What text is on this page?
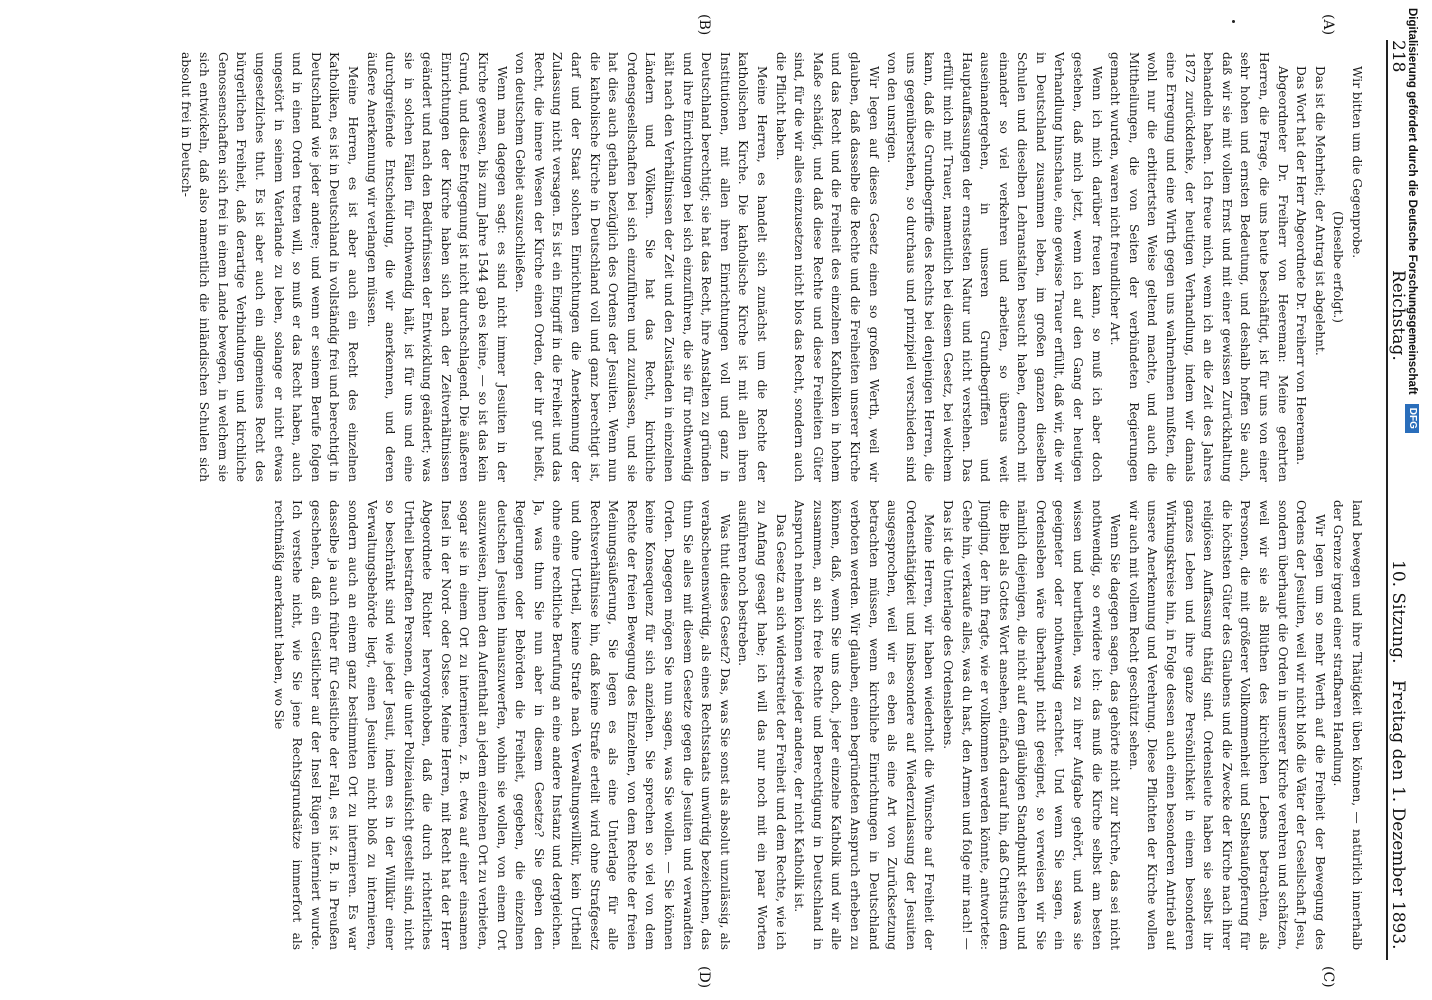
218
Reichstag.
10. Sitzung.
Freitag den 1. Dezember 1893.
(A)
(B)
(C)
(D)

Wir bitten um die Gegenprobe.

(Dieselbe erfolgt.)

Das ist die Mehrheit; der Antrag ist abgelehnt.

Das Wort hat der Herr Abgeordnete Dr. Freiherr von Heereman.

Abgeordneter Dr. Freiherr von Heereman: Meine geehrten Herren, die Frage, die uns heute beschäftigt, ist für uns von einer sehr hohen und ernsten Bedeutung, und deshalb hoffen Sie auch, daß wir sie mit vollem Ernst und mit einer gewissen Zurückhaltung behandeln haben. Ich freue mich, wenn ich an die Zeit des Jahres 1872 zurückdenke, der heutigen Verhandlung, indem wir damals eine Erregung und eine Wirth gegen uns wahrnehmen mußten, die wohl nur die erbittertsten Weise geltend machte, und auch die Mittheilungen, die von Seiten der verbündeten Regierungen gemacht wurden, waren nicht freundlicher Art.

Wenn ich mich darüber freuen kann, so muß ich aber doch gestehen, daß mich jetzt, wenn ich auf den Gang der heutigen Verhandlung hinschaue, eine gewisse Trauer erfüllt, daß wir, die wir in Deutschland zusammen leben, im großen ganzen dieselben Schulen und dieselben Lehranstalten besucht haben, dennoch mit einander so viel verkehren und arbeiten, so überaus weit auseinandergehen, in unseren Grundbegriffen und Hauptauffassungen der ernstesten Natur und nicht verstehen. Das erfüllt mich mit Trauer, namentlich bei diesem Gesetz, bei welchem kann, daß die Grundbegriffe des Rechts bei denjenigen Herren, die uns gegenüberstehen, so durchaus und prinzipiell verschieden sind von den unsrigen.

Wir legen auf dieses Gesetz einen so großen Werth, weil wir glauben, daß dasselbe die Rechte und die Freiheiten unserer Kirche und das Recht und die Freiheit des einzelnen Katholiken in hohem Maße schädigt, und daß diese Rechte und diese Freiheiten Güter sind, für die wir alles einzusetzen nicht blos das Recht, sondern auch die Pflicht haben.

Meine Herren, es handelt sich zunächst um die Rechte der katholischen Kirche. Die katholische Kirche ist mit allen ihren Institutionen, mit allen ihren Einrichtungen voll und ganz in Deutschland berechtigt; sie hat das Recht, ihre Anstalten zu gründen und ihre Einrichtungen bei sich einzuführen, die sie für nothwendig hält nach den Verhältnissen der Zeit und den Zuständen in einzelnen Ländern und Völkern. Sie hat das Recht, kirchliche Ordensgesellschaften bei sich einzuführen und zuzulassen, und sie hat dies auch gethan bezüglich des Ordens der Jesuiten. Wenn nun die katholische Kirche in Deutschland voll und ganz berechtigt ist, darf und der Staat solchen Einrichtungen die Anerkennung der Zulassung nicht versagen. Es ist ein Eingriff in die Freiheit und das Recht, die innere Wesen der Kirche einen Orden, der ihr gut heißt, von deutschem Gebiet auszuschließen.

Wenn man dagegen sagt: es sind nicht immer Jesuiten in der Kirche gewesen, bis zum Jahre 1544 gab es keine, — so ist das kein Grund, und diese Entgegnung ist nicht durchschlagend. Die äußeren Einrichtungen der Kirche haben sich nach der Zeitverhältnissen geändert und nach den Bedürfnissen der Entwicklung geändert; was sie in solchen Fällen für nothwendig hält, ist für uns und eine durchgreifende Entscheidung, die wir anerkennen, und deren äußere Anerkennung wir verlangen müssen.

Meine Herren, es ist aber auch ein Recht des einzelnen Katholiken, es ist in Deutschland in vollständig frei und berechtigt in Deutschland wie jeder andere; und wenn er seinem Berufe folgen und in einen Orden treten will, so muß er das Recht haben, auch ungestört in seinem Vaterlande zu leben, solange er nicht etwas ungesetzliches thut. Es ist aber auch ein allgemeines Recht des bürgerlichen Freiheit, daß derartige Verbindungen und kirchliche Genossenschaften sich frei in einem Lande bewegen, in welchem sie sich entwickeln, daß also namentlich die inländischen Schulen sich absolut frei in Deutsch-

land bewegen und ihre Thätigkeit üben können, — natürlich innerhalb der Grenze irgend einer strafbaren Handlung.

Wir legen um so mehr Werth auf die Freiheit der Bewegung des Ordens der Jesuiten, weil wir nicht bloß die Väter der Gesellschaft Jesu, sondern überhaupt die Orden in unserer Kirche verehren und schätzen, weil wir sie als Blüthen des kirchlichen Lebens betrachten, als Personen, die mit größerer Vollkommenheit und Selbstaufopferung für die höchsten Güter des Glaubens und die Zwecke der Kirche nach ihrer religiösen Auffassung thätig sind. Ordensleute haben sie selbst ihr ganzes Leben und ihre ganze Persönlichkeit in einem besonderen Wirkungskreise hin, in Folge dessen auch einen besonderen Antrieb auf unsere Anerkennung und Verehrung. Diese Pflichten der Kirche wollen wir auch mit vollem Recht geschützt sehen.

Wenn Sie dagegen sagen, das gehörte nicht zur Kirche, das sei nicht nothwendig, so erwidere ich: das muß die Kirche selbst am besten wissen und beurtheilen, was zu ihrer Aufgabe gehört, und was sie geeigneter oder nothwendig erachtet. Und wenn Sie sagen, ein Ordensleben wäre überhaupt nicht geeignet, so verweisen wir Sie nämlich diejenigen, die nicht auf dem gläubigen Standpunkt stehen und die Bibel als Gottes Wort ansehen, einfach darauf hin, daß Christus dem Jüngling, der ihn fragte, wie er vollkommen werden könnte, antwortete: Gehe hin, verkaufe alles, was du hast, den Armen und folge mir nach! — Das ist die Unterlage des Ordenslebens.

Meine Herren, wir haben wiederholt die Wünsche auf Freiheit der Ordensthätigkeit und insbesondere auf Wiederzulassung der Jesuiten ausgesprochen, weil wir es eben als eine Art von Zurücksetzung betrachten müssen, wenn kirchliche Einrichtungen in Deutschland verboten werden. Wir glauben, einen begründeten Anspruch erheben zu können, daß, wenn Sie uns doch, jeder einzelne Katholik und wir alle zusammen, an sich freie Rechte und Berechtigung in Deutschland in Anspruch nehmen können wie jeder andere, der nicht Katholik ist.

Das Gesetz an sich widerstreitet der Freiheit und dem Rechte, wie ich zu Anfang gesagt habe; ich will das nur noch mit ein paar Worten ausführen noch bestreben.

Was thut dieses Gesetz? Das, was Sie sonst als absolut unzulässig, als verabscheuenswürdig, als eines Rechtsstaats unwürdig bezeichnen, das thun Sie alles mit diesem Gesetze gegen die Jesuiten und verwandten Orden. Dagegen mögen Sie nun sagen, was Sie wollen. — Sie können keine Konsequenz für sich anziehen. Sie sprechen so viel von dem Rechte der freien Bewegung des Einzelnen, von dem Rechte der freien Meinungsäußerung, Sie legen es als eine Unterlage für alle Rechtsverhältnisse hin, daß keine Strafe erteilt wird ohne Strafgesetz und ohne Urtheil, keine Strafe nach Verwaltungswillkür, kein Urtheil ohne eine rechtliche Berufung an eine andere Instanz und dergleichen. Ja, was thun Sie nun aber in diesem Gesetze? Sie geben den Regierungen oder Behörden die Freiheit, gegeben, die einzelnen deutschen Jesuiten hinauszuwerfen, wohin sie wollen, von einem Ort auszuweisen, ihnen den Aufenthalt an jedem einzelnen Ort zu verbieten, sogar sie in einem Ort zu internieren, z. B. etwa auf einer einsamen Insel in der Nord- oder Ostsee. Meine Herren, mit Recht hat der Herr Abgeordnete Richter hervorgehoben, daß die durch richterliches Urtheil bestraften Personen, die unter Polizeiaufsicht gestellt sind, nicht so beschränkt sind wie jeder Jesuit, indem es in der Willkür einer Verwaltungsbehörde liegt, einen Jesuiten nicht bloß zu internieren, sondern auch an einem ganz bestimmten Ort zu internieren. Es war dasselbe ja auch früher für Geistliche der Fall, es ist z. B. in Preußen geschehen, daß ein Geistlicher auf der Insel Rügen interniert wurde. Ich verstehe nicht, wie Sie jene Rechtsgrundsätze immerfort als rechtmäßig anerkannt haben, wo Sie

Digitalisierung gefördert durch die Deutsche Forschungsgemeinschaft DFG
